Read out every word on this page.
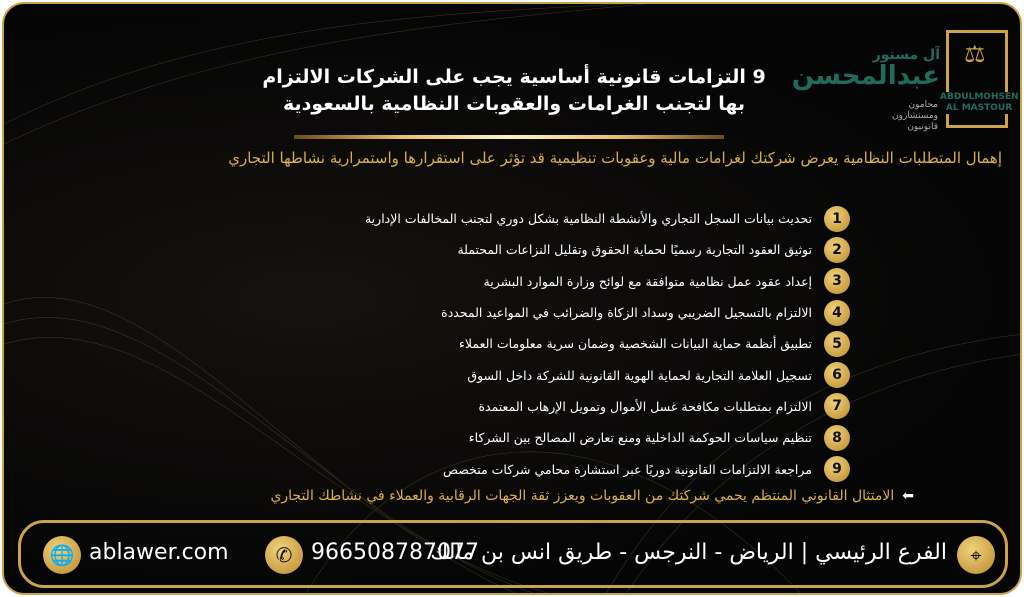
⚖
ABDULMOHSEN
AL MASTOUR
آل مستور
عبدالمحسن
محامون ومستشارون قانونيون
9 التزامات قانونية أساسية يجب على الشركات الالتزام
بها لتجنب الغرامات والعقوبات النظامية بالسعودية
إهمال المتطلبات النظامية يعرض شركتك لغرامات مالية وعقوبات تنظيمية قد تؤثر على استقرارها واستمرارية نشاطها التجاري
1
تحديث بيانات السجل التجاري والأنشطة النظامية بشكل دوري لتجنب المخالفات الإدارية
2
توثيق العقود التجارية رسميًا لحماية الحقوق وتقليل النزاعات المحتملة
3
إعداد عقود عمل نظامية متوافقة مع لوائح وزارة الموارد البشرية
4
الالتزام بالتسجيل الضريبي وسداد الزكاة والضرائب في المواعيد المحددة
5
تطبيق أنظمة حماية البيانات الشخصية وضمان سرية معلومات العملاء
6
تسجيل العلامة التجارية لحماية الهوية القانونية للشركة داخل السوق
7
الالتزام بمتطلبات مكافحة غسل الأموال وتمويل الإرهاب المعتمدة
8
تنظيم سياسات الحوكمة الداخلية ومنع تعارض المصالح بين الشركاء
9
مراجعة الالتزامات القانونية دوريًا عبر استشارة محامي شركات متخصص
⬅
الامتثال القانوني المنتظم يحمي شركتك من العقوبات ويعزز ثقة الجهات الرقابية والعملاء في نشاطك التجاري
⌖
الفرع الرئيسي | الرياض - النرجس - طريق انس بن مالك
✆ 966508787077
🌐 ablawer.com
